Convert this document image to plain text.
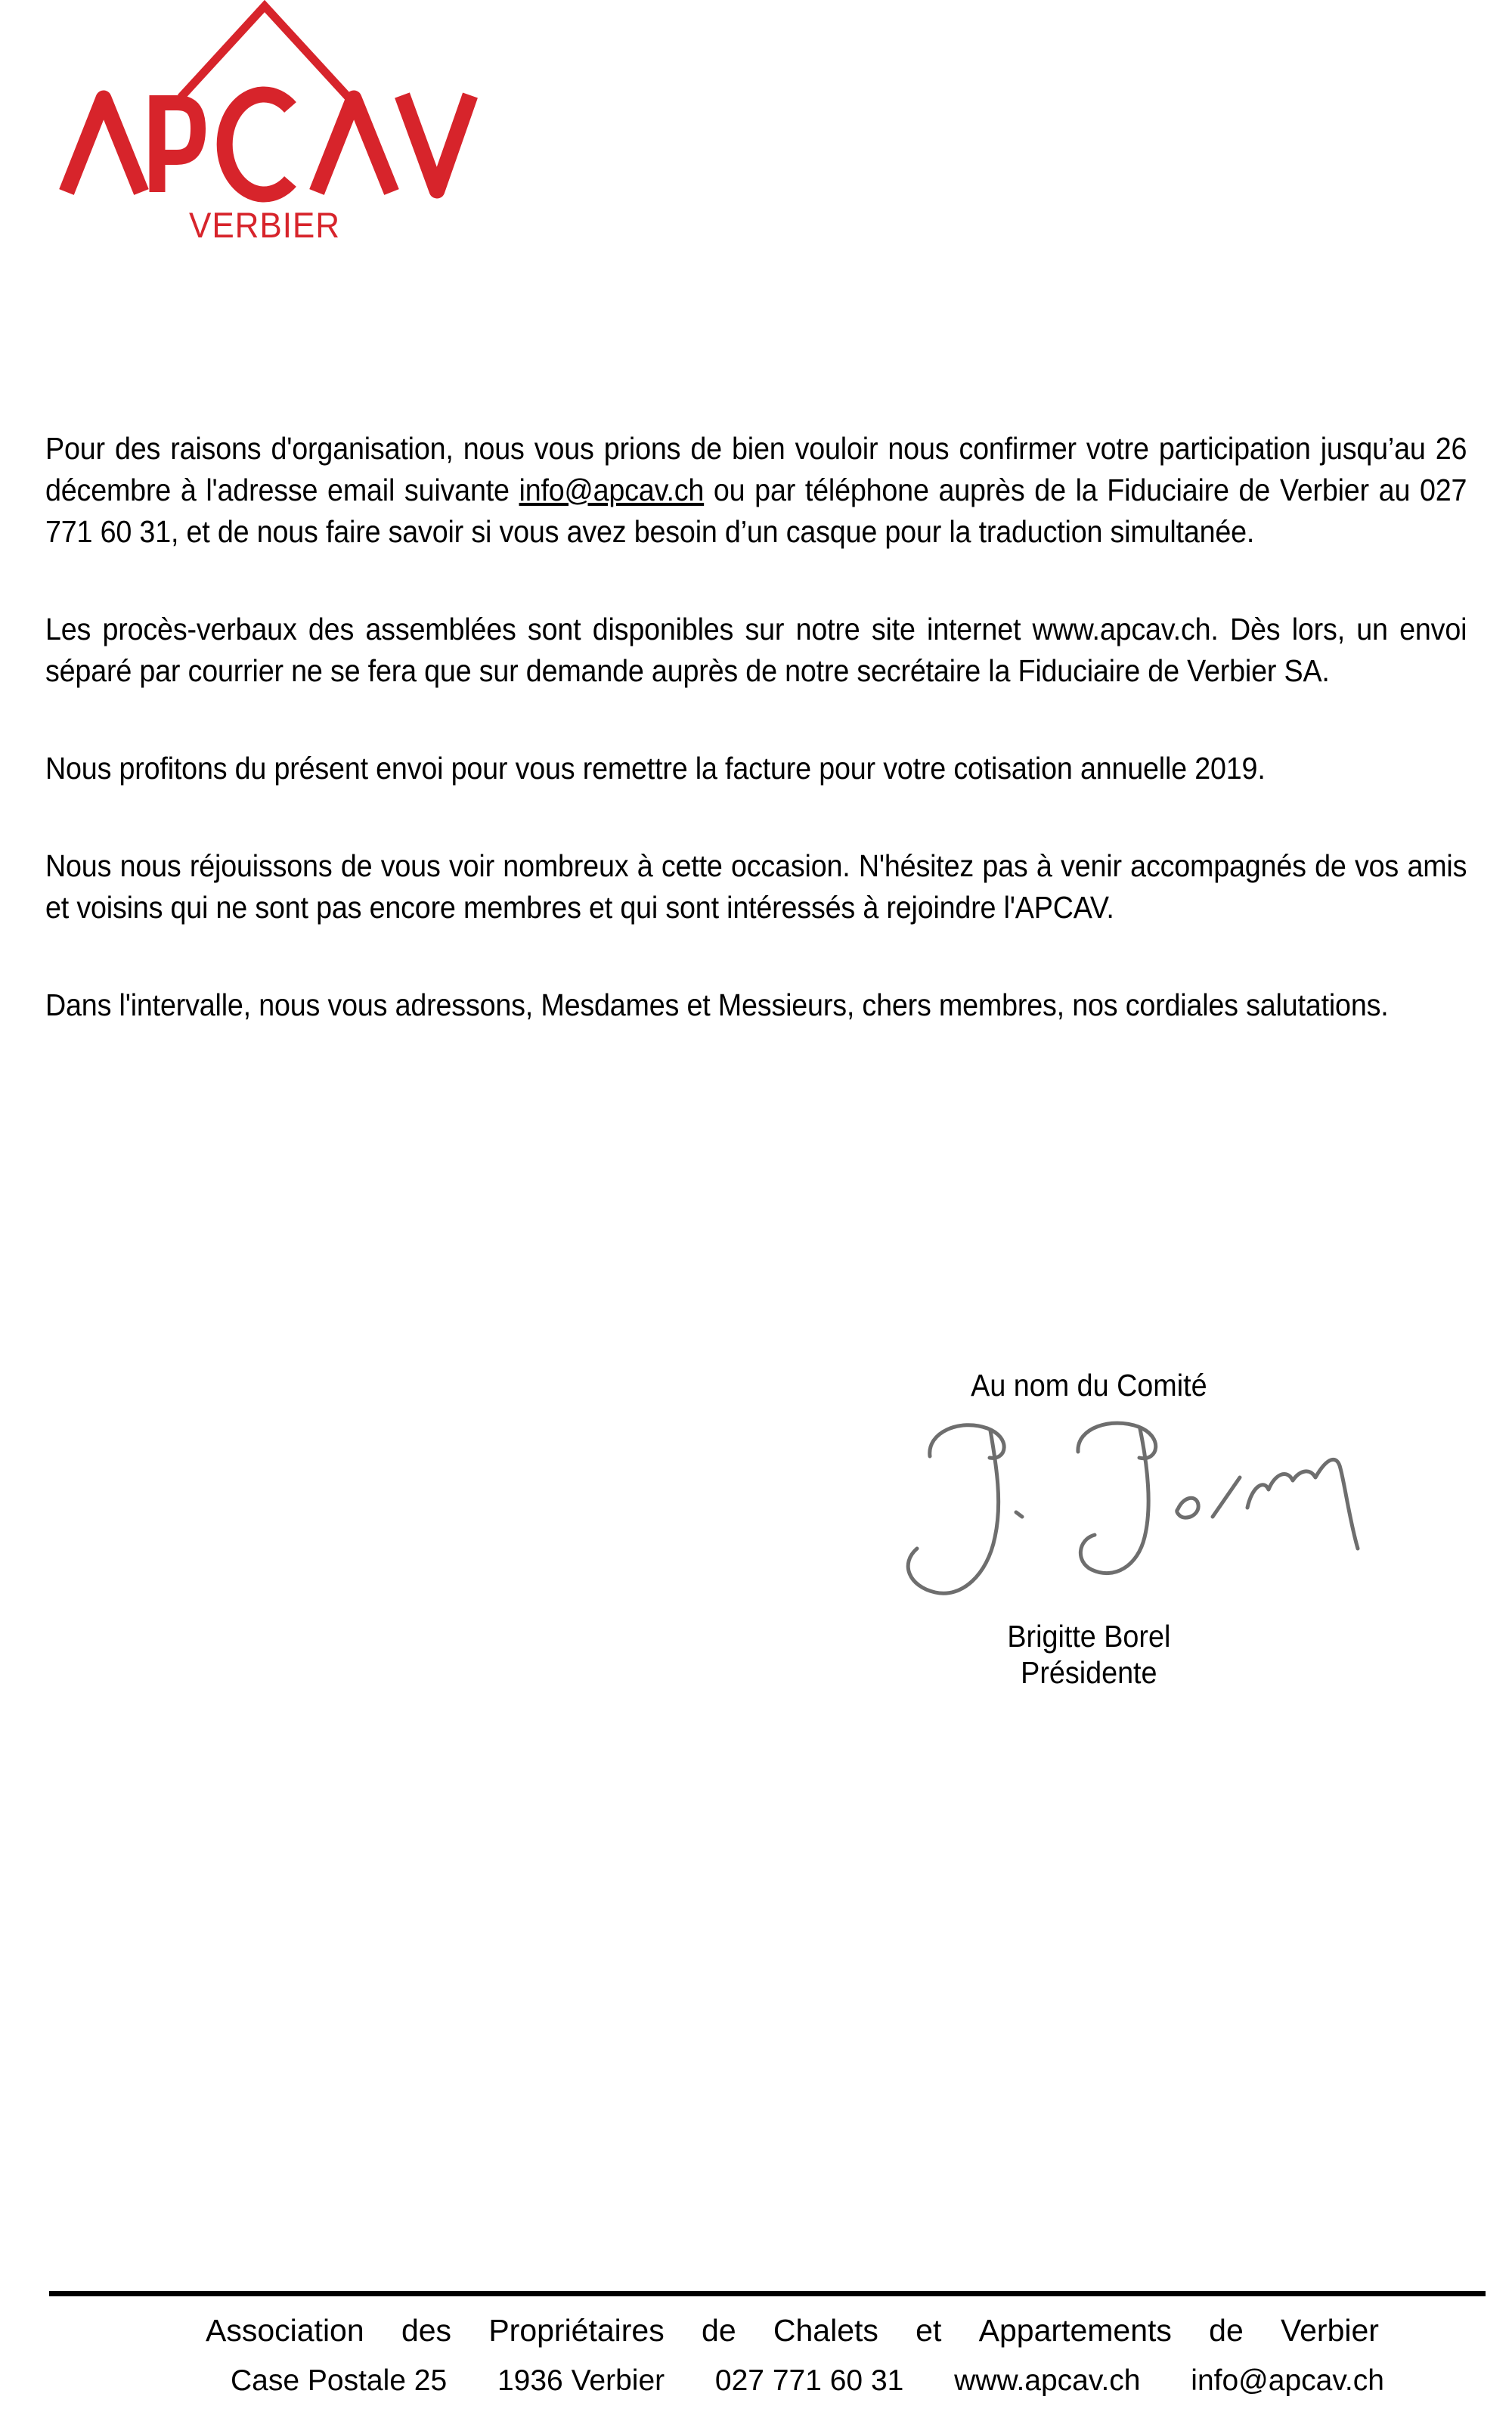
VERBIER

Pour des raisons d'organisation, nous vous prions de bien vouloir nous confirmer votre participation jusqu’au 26 décembre à l'adresse email suivante info@apcav.ch ou par téléphone auprès de la Fiduciaire de Verbier au 027 771 60 31, et de nous faire savoir si vous avez besoin d’un casque pour la traduction simultanée.

Les procès-verbaux des assemblées sont disponibles sur notre site internet www.apcav.ch. Dès lors, un envoi séparé par courrier ne se fera que sur demande auprès de notre secrétaire la Fiduciaire de Verbier SA.

Nous profitons du présent envoi pour vous remettre la facture pour votre cotisation annuelle 2019.

Nous nous réjouissons de vous voir nombreux à cette occasion. N'hésitez pas à venir accompagnés de vos amis et voisins qui ne sont pas encore membres et qui sont intéressés à rejoindre l'APCAV.

Dans l'intervalle, nous vous adressons, Mesdames et Messieurs, chers membres, nos cordiales salutations.

Au nom du Comité
Brigitte Borel
Présidente
Association des Propriétaires de Chalets et Appartements de Verbier
Case Postale 25 1936 Verbier 027 771 60 31 www.apcav.ch info@apcav.ch
